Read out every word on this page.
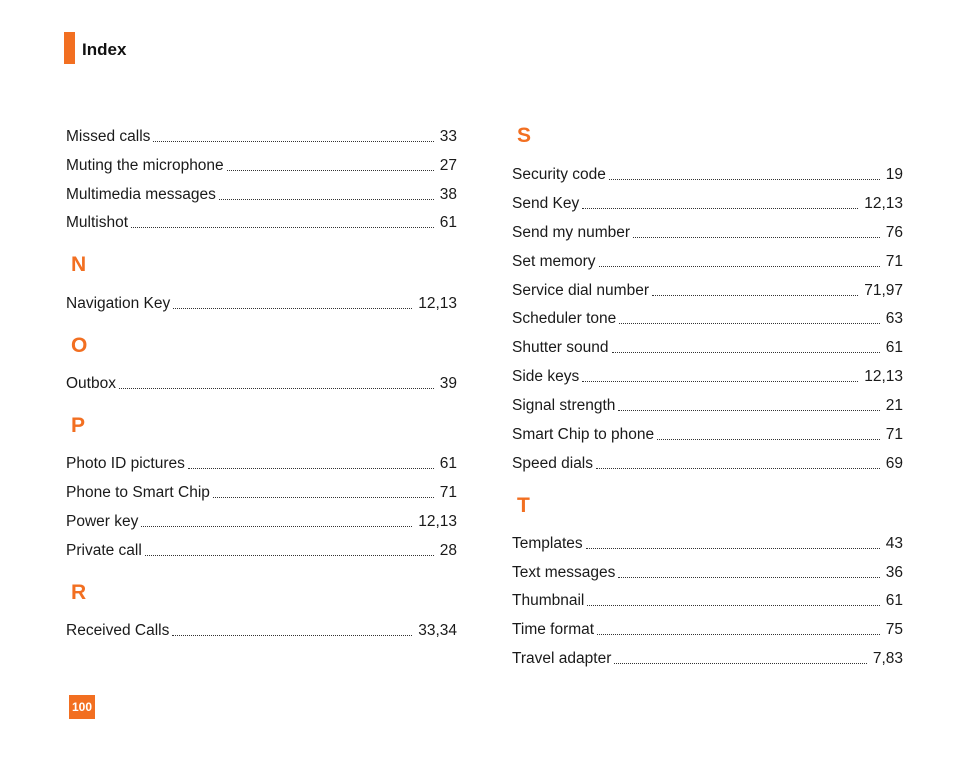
Index
Missed calls	33
Muting the microphone	27
Multimedia messages	38
Multishot	61
N
Navigation Key	12,13
O
Outbox	39
P
Photo ID pictures	61
Phone to Smart Chip	71
Power key	12,13
Private call	28
R
Received Calls	33,34
S
Security code	19
Send Key	12,13
Send my number	76
Set memory	71
Service dial number	71,97
Scheduler tone	63
Shutter sound	61
Side keys	12,13
Signal strength	21
Smart Chip to phone	71
Speed dials	69
T
Templates	43
Text messages	36
Thumbnail	61
Time format	75
Travel adapter	7,83
100
